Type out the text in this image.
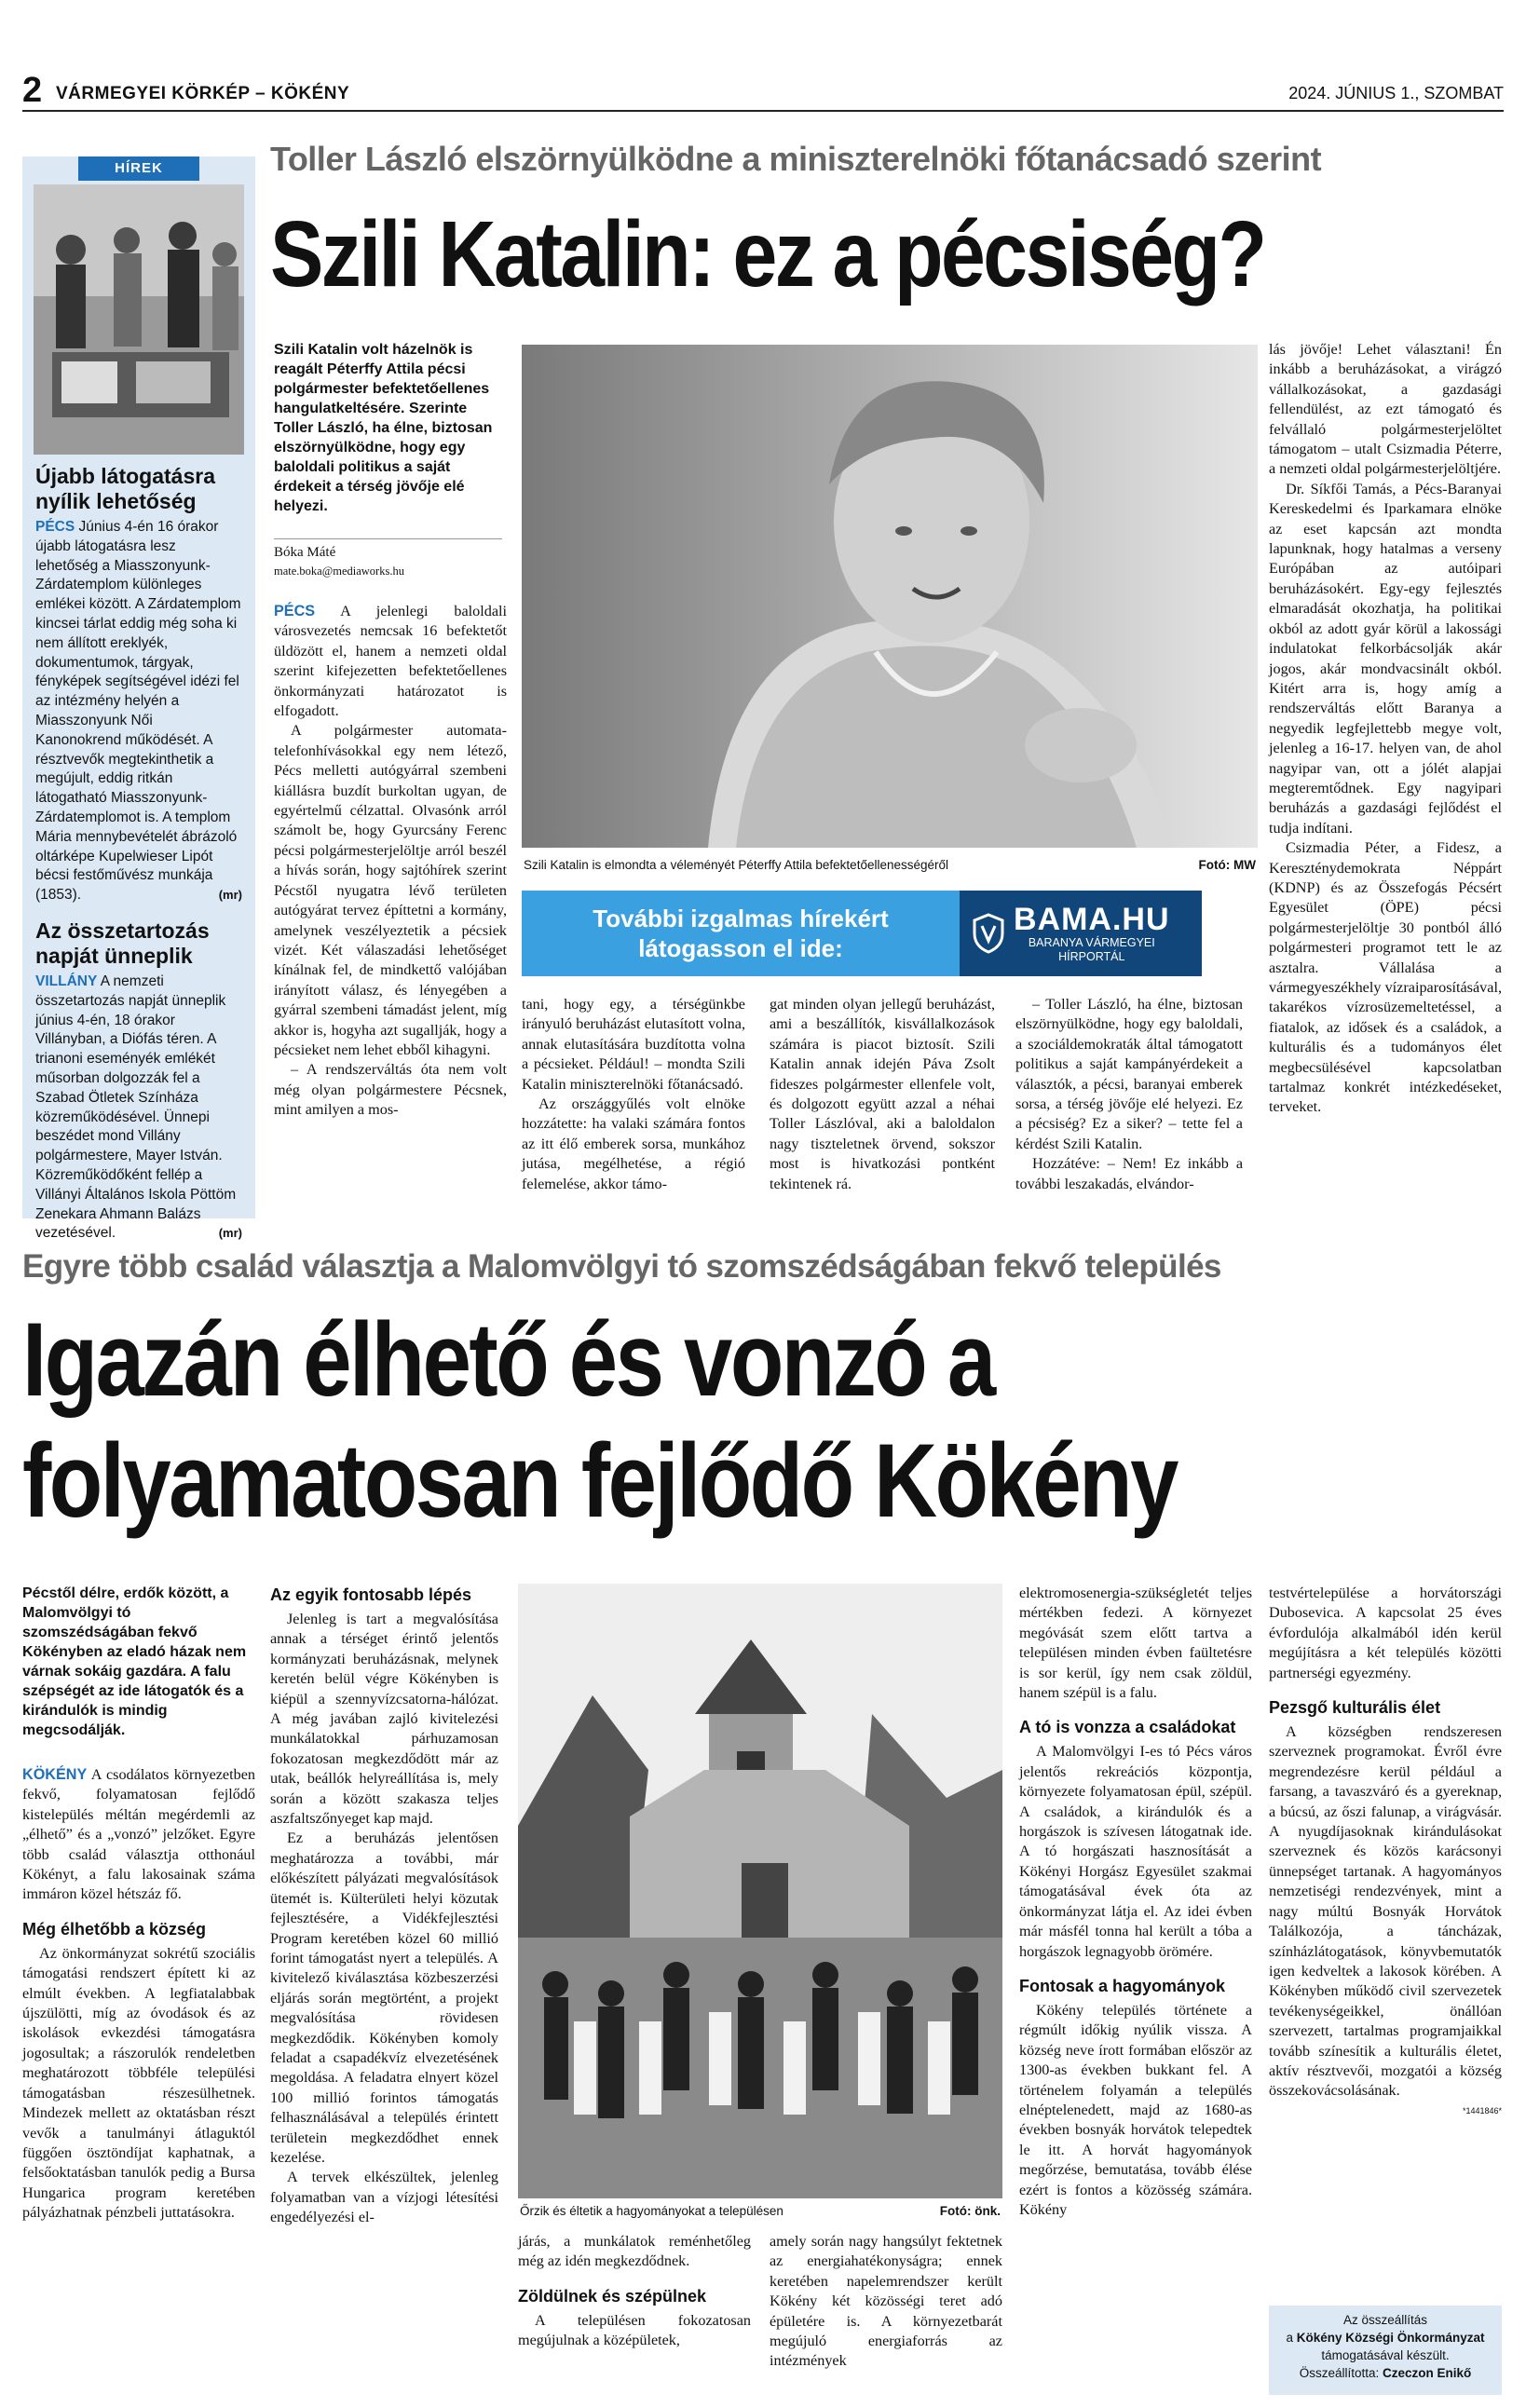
2 VÁRMEGYEI KÖRKÉP – KÖKÉNY	2024. JÚNIUS 1., SZOMBAT
HÍREK
Újabb látogatásra nyílik lehetőség
PÉCS Június 4-én 16 órakor újabb látogatásra lesz lehetőség a Miasszonyunk-Zárdatemplom különleges emlékei között. A Zárdatemplom kincsei tárlat eddig még soha ki nem állított ereklyék, dokumentumok, tárgyak, fényképek segítségével idézi fel az intézmény helyén a Miasszonyunk Női Kanonokrend működését. A résztvevők megtekinthetik a megújult, eddig ritkán látogatható Miasszonyunk-Zárdatemplomot is. A templom Mária mennybevételét ábrázoló oltárképe Kupelwieser Lipót bécsi festőművész munkája (1853).	(mr)
Az összetartozás napját ünneplik
VILLÁNY A nemzeti összetartozás napját ünneplik június 4-én, 18 órakor Villányban, a Diófás téren. A trianoni eseményék emlékét műsorban dolgozzák fel a Szabad Ötletek Színháza közreműködésével. Ünnepi beszédet mond Villány polgármestere, Mayer István. Közreműködőként fellép a Villányi Általános Iskola Pöttöm Zenekara Ahmann Balázs vezetésével.	(mr)
Toller László elszörnyülködne a miniszterelnöki főtanácsadó szerint
Szili Katalin: ez a pécsiség?
Szili Katalin volt házelnök is reagált Péterffy Attila pécsi polgármester befektetőellenes hangulatkeltésére. Szerinte Toller László, ha élne, biztosan elszörnyülködne, hogy egy baloldali politikus a saját érdekeit a térség jövője elé helyezi.
Bóka Máté
mate.boka@mediaworks.hu

PÉCS A jelenlegi baloldali városvezetés nemcsak 16 befektetőt üldözött el, hanem a nemzeti oldal szerint kifejezetten befektetőellenes önkormányzati határozatot is elfogadott.

A polgármester automata-telefonhívásokkal egy nem létező, Pécs melletti autógyárral szembeni kiállásra buzdít burkoltan ugyan, de egyértelmű célzattal. Olvasónk arról számolt be, hogy Gyurcsány Ferenc pécsi polgármesterjelöltje arról beszél a hívás során, hogy sajtóhírek szerint Pécstől nyugatra lévő területen autógyárat tervez építtetni a kormány, amelynek veszélyeztetik a pécsiek vizét. Két válaszadási lehetőséget kínálnak fel, de mindkettő valójában irányított válasz, és lényegében a gyárral szembeni támadást jelent, míg akkor is, hogyha azt sugallják, hogy a pécsieket nem lehet ebből kihagyni.

– A rendszerváltás óta nem volt még olyan polgármestere Pécsnek, mint amilyen a mos-

Szili Katalin is elmondta a véleményét Péterffy Attila befektetőellenességéről	Fotó: MW
További izgalmas hírekért
látogasson el ide:
BAMA.HU
BARANYA VÁRMEGYEI
HÍRPORTÁL

tani, hogy egy, a térségünkbe irányuló beruházást elutasított volna, annak elutasítására buzdította volna a pécsieket. Például! – mondta Szili Katalin miniszterelnöki főtanácsadó.

Az országgyűlés volt elnöke hozzátette: ha valaki számára fontos az itt élő emberek sorsa, munkához jutása, megélhetése, a régió felemelése, akkor támo-

gat minden olyan jellegű beruházást, ami a beszállítók, kisvállalkozások számára is piacot biztosít. Szili Katalin annak idején Páva Zsolt fideszes polgármester ellenfele volt, és dolgozott együtt azzal a néhai Toller Lászlóval, aki a baloldalon nagy tiszteletnek örvend, sokszor most is hivatkozási pontként tekintenek rá.

– Toller László, ha élne, biztosan elszörnyülködne, hogy egy baloldali, a szociáldemokraták által támogatott politikus a saját kampányérdekeit a választók, a pécsi, baranyai emberek sorsa, a térség jövője elé helyezi. Ez a pécsiség? Ez a siker? – tette fel a kérdést Szili Katalin.

Hozzátéve: – Nem! Ez inkább a további leszakadás, elvándor-

lás jövője! Lehet választani! Én inkább a beruházásokat, a virágzó vállalkozásokat, a gazdasági fellendülést, az ezt támogató és felvállaló polgármesterjelöltet támogatom – utalt Csizmadia Péterre, a nemzeti oldal polgármesterjelöltjére.

Dr. Síkfői Tamás, a Pécs-Baranyai Kereskedelmi és Iparkamara elnöke az eset kapcsán azt mondta lapunknak, hogy hatalmas a verseny Európában az autóipari beruházásokért. Egy-egy fejlesztés elmaradását okozhatja, ha politikai okból az adott gyár körül a lakossági indulatokat felkorbácsolják akár jogos, akár mondvacsinált okból. Kitért arra is, hogy amíg a rendszerváltás előtt Baranya a negyedik legfejlettebb megye volt, jelenleg a 16-17. helyen van, de ahol nagyipar van, ott a jólét alapjai megteremtődnek. Egy nagyipari beruházás a gazdasági fejlődést el tudja indítani.

Csizmadia Péter, a Fidesz, a Kereszténydemokrata Néppárt (KDNP) és az Összefogás Pécsért Egyesület (ÖPE) pécsi polgármesterjelöltje 30 pontból álló polgármesteri programot tett le az asztalra. Vállalása a vármegyeszékhely vízraiparosításával, takarékos vízrosüzemeltetéssel, a fiatalok, az idősek és a családok, a kulturális és a tudományos élet megbecsülésével kapcsolatban tartalmaz konkrét intézkedéseket, terveket.

Egyre több család választja a Malomvölgyi tó szomszédságában fekvő település
Igazán élhető és vonzó a
folyamatosan fejlődő Kökény
Pécstől délre, erdők között, a Malomvölgyi tó szomszédságában fekvő Kökényben az eladó házak nem várnak sokáig gazdára. A falu szépségét az ide látogatók és a kirándulók is mindig megcsodálják.

KÖKÉNY A csodálatos környezetben fekvő, folyamatosan fejlődő kistelepülés méltán megérdemli az „élhető” és a „vonzó” jelzőket. Egyre több család választja otthonául Kökényt, a falu lakosainak száma immáron közel hétszáz fő.

Még élhetőbb a község

Az önkormányzat sokrétű szociális támogatási rendszert épített ki az elmúlt években. A legfiatalabbak újszülötti, míg az óvodások és az iskolások evkezdési támogatásra jogosultak; a rászorulók rendeletben meghatározott többféle települési támogatásban részesülhetnek. Mindezek mellett az oktatásban részt vevők a tanulmányi átlaguktól függően ösztöndíjat kaphatnak, a felsőoktatásban tanulók pedig a Bursa Hungarica program keretében pályázhatnak pénzbeli juttatásokra.

Az egyik fontosabb lépés

Jelenleg is tart a megvalósítása annak a térséget érintő jelentős kormányzati beruházásnak, melynek keretén belül végre Kökényben is kiépül a szennyvízcsatorna-hálózat. A még javában zajló kivitelezési munkálatokkal párhuzamosan fokozatosan megkezdődött már az utak, beállók helyreállítása is, mely során a között szakasza teljes aszfaltszőnyeget kap majd.

Ez a beruházás jelentősen meghatározza a további, már előkészített pályázati megvalósítások ütemét is. Külterületi helyi közutak fejlesztésére, a Vidékfejlesztési Program keretében közel 60 millió forint támogatást nyert a település. A kivitelező kiválasztása közbeszerzési eljárás során megtörtént, a projekt megvalósítása rövidesen megkezdődik. Kökényben komoly feladat a csapadékvíz elvezetésének megoldása. A feladatra elnyert közel 100 millió forintos támogatás felhasználásával a település érintett területein megkezdődhet ennek kezelése.

A tervek elkészültek, jelenleg folyamatban van a vízjogi létesítési engedélyezési el-	Őrzik és éltetik a hagyományokat a településen	Fotó: önk.

járás, a munkálatok reménhetőleg még az idén megkezdődnek.

Zöldülnek és szépülnek

A településen fokozatosan megújulnak a középületek,

amely során nagy hangsúlyt fektetnek az energiahatékonyságra; ennek keretében napelemrendszer került Kökény két közösségi teret adó épületére is. A környezetbarát megújuló energiaforrás az intézmények

elektromosenergia-szükségletét teljes mértékben fedezi. A környezet megóvását szem előtt tartva a településen minden évben faültetésre is sor kerül, így nem csak zöldül, hanem szépül is a falu.

A tó is vonzza a családokat

A Malomvölgyi I-es tó Pécs város jelentős rekreációs központja, környezete folyamatosan épül, szépül. A családok, a kirándulók és a horgászok is szívesen látogatnak ide. A tó horgászati hasznosítását a Kökényi Horgász Egyesület szakmai támogatásával évek óta az önkormányzat látja el. Az idei évben már másfél tonna hal került a tóba a horgászok legnagyobb örömére.

Fontosak a hagyományok

Kökény település története a régmúlt időkig nyúlik vissza. A község neve írott formában először az 1300-as években bukkant fel. A történelem folyamán a település elnéptelenedett, majd az 1680-as években bosnyák horvátok telepedtek le itt. A horvát hagyományok megőrzése, bemutatása, tovább élése ezért is fontos a közösség számára. Kökény

testvértelepülése a horvátországi Dubosevica. A kapcsolat 25 éves évfordulója alkalmából idén kerül megújításra a két település közötti partnerségi egyezmény.

Pezsgő kulturális élet

A községben rendszeresen szerveznek programokat. Évről évre megrendezésre kerül például a farsang, a tavaszváró és a gyereknap, a búcsú, az őszi falunap, a virágvásár. A nyugdíjasoknak kirándulásokat szerveznek és közös karácsonyi ünnepséget tartanak. A hagyományos nemzetiségi rendezvények, mint a nagy múltú Bosnyák Horvátok Találkozója, a táncházak, színházlátogatások, könyvbemutatók igen kedveltek a lakosok körében. A Kökényben működő civil szervezetek tevékenységeikkel, önállóan szervezett, tartalmas programjaikkal tovább színesítik a kulturális életet, aktív résztvevői, mozgatói a község összekovácsolásának.

*1441846*
Az összeállítás
a Kökény Községi Önkormányzat
támogatásával készült.
Összeállította: Czeczon Enikő
